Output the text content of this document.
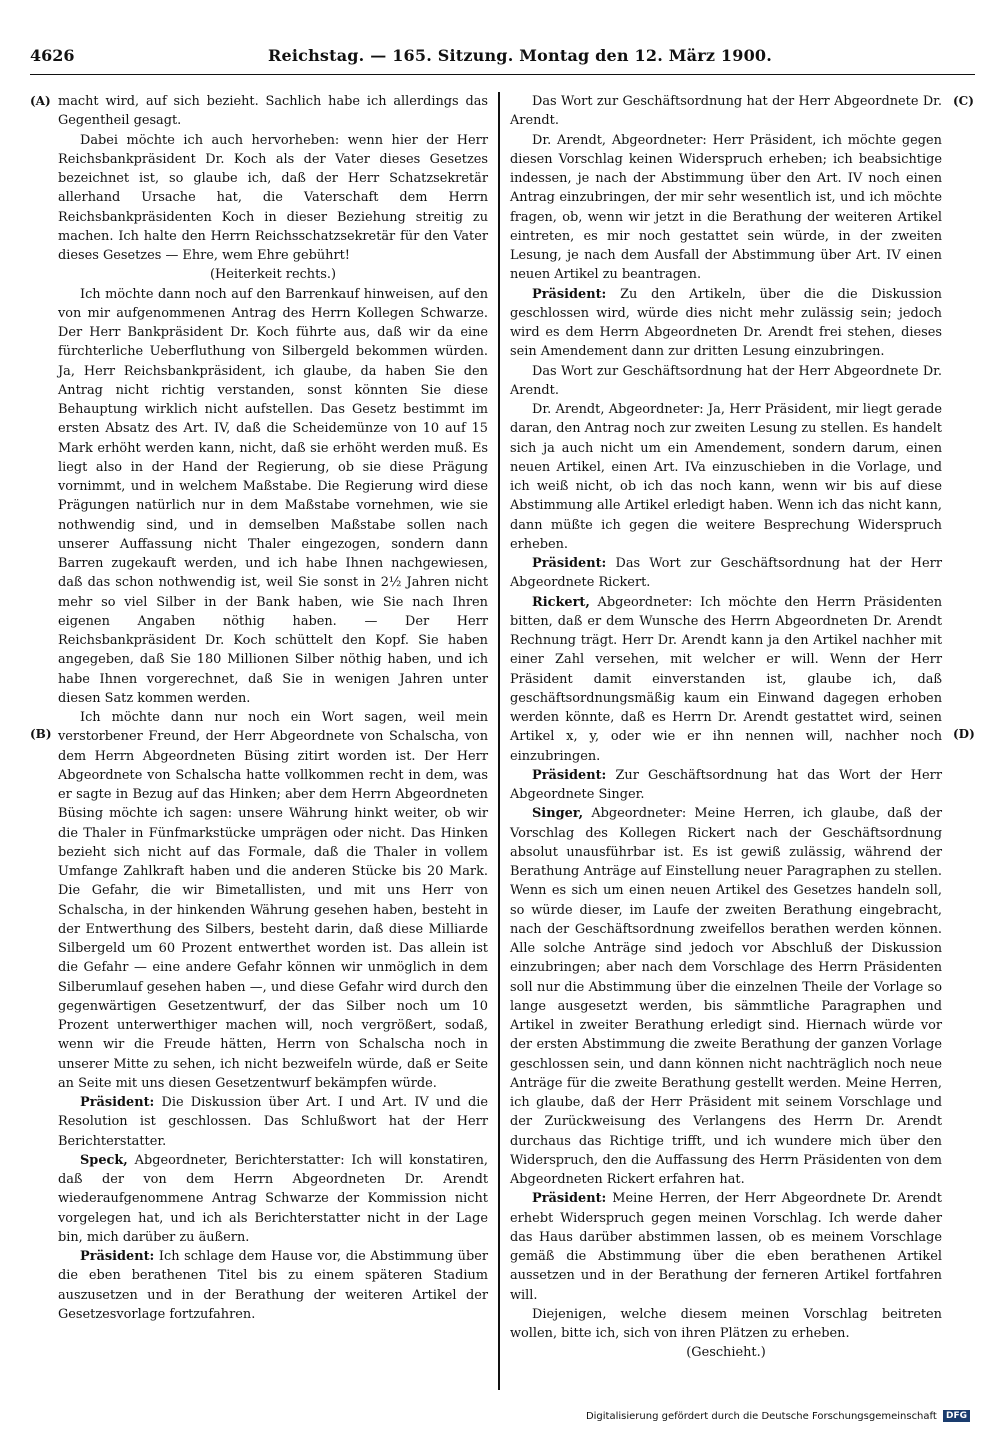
4626	Reichstag. — 165. Sitzung. Montag den 12. März 1900.
(A)
(B)
(C)
(D)

macht wird, auf sich bezieht. Sachlich habe ich allerdings das Gegentheil gesagt.

Dabei möchte ich auch hervorheben: wenn hier der Herr Reichsbankpräsident Dr. Koch als der Vater dieses Gesetzes bezeichnet ist, so glaube ich, daß der Herr Schatzsekretär allerhand Ursache hat, die Vaterschaft dem Herrn Reichsbankpräsidenten Koch in dieser Beziehung streitig zu machen. Ich halte den Herrn Reichsschatzsekretär für den Vater dieses Gesetzes — Ehre, wem Ehre gebührt!

(Heiterkeit rechts.)

Ich möchte dann noch auf den Barrenkauf hinweisen, auf den von mir aufgenommenen Antrag des Herrn Kollegen Schwarze. Der Herr Bankpräsident Dr. Koch führte aus, daß wir da eine fürchterliche Ueberfluthung von Silbergeld bekommen würden. Ja, Herr Reichsbankpräsident, ich glaube, da haben Sie den Antrag nicht richtig verstanden, sonst könnten Sie diese Behauptung wirklich nicht aufstellen. Das Gesetz bestimmt im ersten Absatz des Art. IV, daß die Scheidemünze von 10 auf 15 Mark erhöht werden kann, nicht, daß sie erhöht werden muß. Es liegt also in der Hand der Regierung, ob sie diese Prägung vornimmt, und in welchem Maßstabe. Die Regierung wird diese Prägungen natürlich nur in dem Maßstabe vornehmen, wie sie nothwendig sind, und in demselben Maßstabe sollen nach unserer Auffassung nicht Thaler eingezogen, sondern dann Barren zugekauft werden, und ich habe Ihnen nachgewiesen, daß das schon nothwendig ist, weil Sie sonst in 2½ Jahren nicht mehr so viel Silber in der Bank haben, wie Sie nach Ihren eigenen Angaben nöthig haben. — Der Herr Reichsbankpräsident Dr. Koch schüttelt den Kopf. Sie haben angegeben, daß Sie 180 Millionen Silber nöthig haben, und ich habe Ihnen vorgerechnet, daß Sie in wenigen Jahren unter diesen Satz kommen werden.

Ich möchte dann nur noch ein Wort sagen, weil mein verstorbener Freund, der Herr Abgeordnete von Schalscha, von dem Herrn Abgeordneten Büsing zitirt worden ist. Der Herr Abgeordnete von Schalscha hatte vollkommen recht in dem, was er sagte in Bezug auf das Hinken; aber dem Herrn Abgeordneten Büsing möchte ich sagen: unsere Währung hinkt weiter, ob wir die Thaler in Fünfmarkstücke umprägen oder nicht. Das Hinken bezieht sich nicht auf das Formale, daß die Thaler in vollem Umfange Zahlkraft haben und die anderen Stücke bis 20 Mark. Die Gefahr, die wir Bimetallisten, und mit uns Herr von Schalscha, in der hinkenden Währung gesehen haben, besteht in der Entwerthung des Silbers, besteht darin, daß diese Milliarde Silbergeld um 60 Prozent entwerthet worden ist. Das allein ist die Gefahr — eine andere Gefahr können wir unmöglich in dem Silberumlauf gesehen haben —, und diese Gefahr wird durch den gegenwärtigen Gesetzentwurf, der das Silber noch um 10 Prozent unterwerthiger machen will, noch vergrößert, sodaß, wenn wir die Freude hätten, Herrn von Schalscha noch in unserer Mitte zu sehen, ich nicht bezweifeln würde, daß er Seite an Seite mit uns diesen Gesetzentwurf bekämpfen würde.

Präsident: Die Diskussion über Art. I und Art. IV und die Resolution ist geschlossen. Das Schlußwort hat der Herr Berichterstatter.

Speck, Abgeordneter, Berichterstatter: Ich will konstatiren, daß der von dem Herrn Abgeordneten Dr. Arendt wiederaufgenommene Antrag Schwarze der Kommission nicht vorgelegen hat, und ich als Berichterstatter nicht in der Lage bin, mich darüber zu äußern.

Präsident: Ich schlage dem Hause vor, die Abstimmung über die eben berathenen Titel bis zu einem späteren Stadium auszusetzen und in der Berathung der weiteren Artikel der Gesetzesvorlage fortzufahren.

Das Wort zur Geschäftsordnung hat der Herr Abgeordnete Dr. Arendt.

Dr. Arendt, Abgeordneter: Herr Präsident, ich möchte gegen diesen Vorschlag keinen Widerspruch erheben; ich beabsichtige indessen, je nach der Abstimmung über den Art. IV noch einen Antrag einzubringen, der mir sehr wesentlich ist, und ich möchte fragen, ob, wenn wir jetzt in die Berathung der weiteren Artikel eintreten, es mir noch gestattet sein würde, in der zweiten Lesung, je nach dem Ausfall der Abstimmung über Art. IV einen neuen Artikel zu beantragen.

Präsident: Zu den Artikeln, über die die Diskussion geschlossen wird, würde dies nicht mehr zulässig sein; jedoch wird es dem Herrn Abgeordneten Dr. Arendt frei stehen, dieses sein Amendement dann zur dritten Lesung einzubringen.

Das Wort zur Geschäftsordnung hat der Herr Abgeordnete Dr. Arendt.

Dr. Arendt, Abgeordneter: Ja, Herr Präsident, mir liegt gerade daran, den Antrag noch zur zweiten Lesung zu stellen. Es handelt sich ja auch nicht um ein Amendement, sondern darum, einen neuen Artikel, einen Art. IVa einzuschieben in die Vorlage, und ich weiß nicht, ob ich das noch kann, wenn wir bis auf diese Abstimmung alle Artikel erledigt haben. Wenn ich das nicht kann, dann müßte ich gegen die weitere Besprechung Widerspruch erheben.

Präsident: Das Wort zur Geschäftsordnung hat der Herr Abgeordnete Rickert.

Rickert, Abgeordneter: Ich möchte den Herrn Präsidenten bitten, daß er dem Wunsche des Herrn Abgeordneten Dr. Arendt Rechnung trägt. Herr Dr. Arendt kann ja den Artikel nachher mit einer Zahl versehen, mit welcher er will. Wenn der Herr Präsident damit einverstanden ist, glaube ich, daß geschäftsordnungsmäßig kaum ein Einwand dagegen erhoben werden könnte, daß es Herrn Dr. Arendt gestattet wird, seinen Artikel x, y, oder wie er ihn nennen will, nachher noch einzubringen.

Präsident: Zur Geschäftsordnung hat das Wort der Herr Abgeordnete Singer.

Singer, Abgeordneter: Meine Herren, ich glaube, daß der Vorschlag des Kollegen Rickert nach der Geschäftsordnung absolut unausführbar ist. Es ist gewiß zulässig, während der Berathung Anträge auf Einstellung neuer Paragraphen zu stellen. Wenn es sich um einen neuen Artikel des Gesetzes handeln soll, so würde dieser, im Laufe der zweiten Berathung eingebracht, nach der Geschäftsordnung zweifellos berathen werden können. Alle solche Anträge sind jedoch vor Abschluß der Diskussion einzubringen; aber nach dem Vorschlage des Herrn Präsidenten soll nur die Abstimmung über die einzelnen Theile der Vorlage so lange ausgesetzt werden, bis sämmtliche Paragraphen und Artikel in zweiter Berathung erledigt sind. Hiernach würde vor der ersten Abstimmung die zweite Berathung der ganzen Vorlage geschlossen sein, und dann können nicht nachträglich noch neue Anträge für die zweite Berathung gestellt werden. Meine Herren, ich glaube, daß der Herr Präsident mit seinem Vorschlage und der Zurückweisung des Verlangens des Herrn Dr. Arendt durchaus das Richtige trifft, und ich wundere mich über den Widerspruch, den die Auffassung des Herrn Präsidenten von dem Abgeordneten Rickert erfahren hat.

Präsident: Meine Herren, der Herr Abgeordnete Dr. Arendt erhebt Widerspruch gegen meinen Vorschlag. Ich werde daher das Haus darüber abstimmen lassen, ob es meinem Vorschlage gemäß die Abstimmung über die eben berathenen Artikel aussetzen und in der Berathung der ferneren Artikel fortfahren will.

Diejenigen, welche diesem meinen Vorschlag beitreten wollen, bitte ich, sich von ihren Plätzen zu erheben.

(Geschieht.)

Digitalisierung gefördert durch die Deutsche Forschungsgemeinschaft DFG
